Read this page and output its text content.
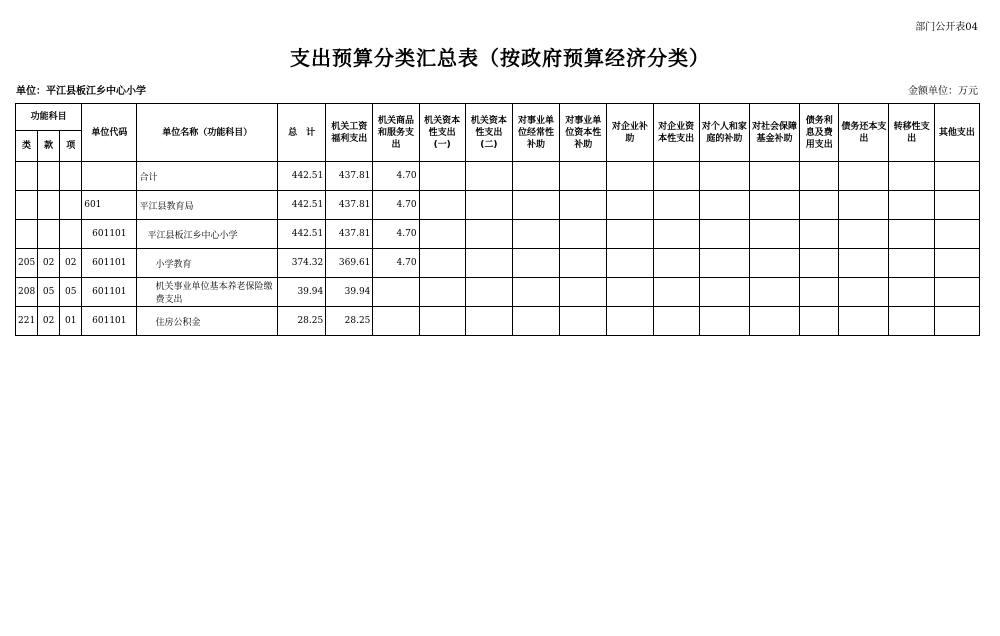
部门公开表04
支出预算分类汇总表（按政府预算经济分类）
单位：平江县板江乡中心小学	金额单位：万元
功能科目			单位代码	单位名称（功能科目）	总　计	机关工资福利支出	机关商品和服务支出	机关资本性支出(一)	机关资本性支出(二)	对事业单位经常性补助	对事业单位资本性补助	对企业补助	对企业资本性支出	对个人和家庭的补助	对社会保障基金补助	债务利息及费用支出	债务还本支出	转移性支出	其他支出
类	款	项																	
				合计	442.51	437.81	4.70												
			601	平江县教育局	442.51	437.81	4.70												
			601101	平江县板江乡中心小学	442.51	437.81	4.70												
205	02	02	601101	小学教育	374.32	369.61	4.70												
208	05	05	601101	机关事业单位基本养老保险缴费支出	39.94	39.94													
221	02	01	601101	住房公积金	28.25	28.25													
